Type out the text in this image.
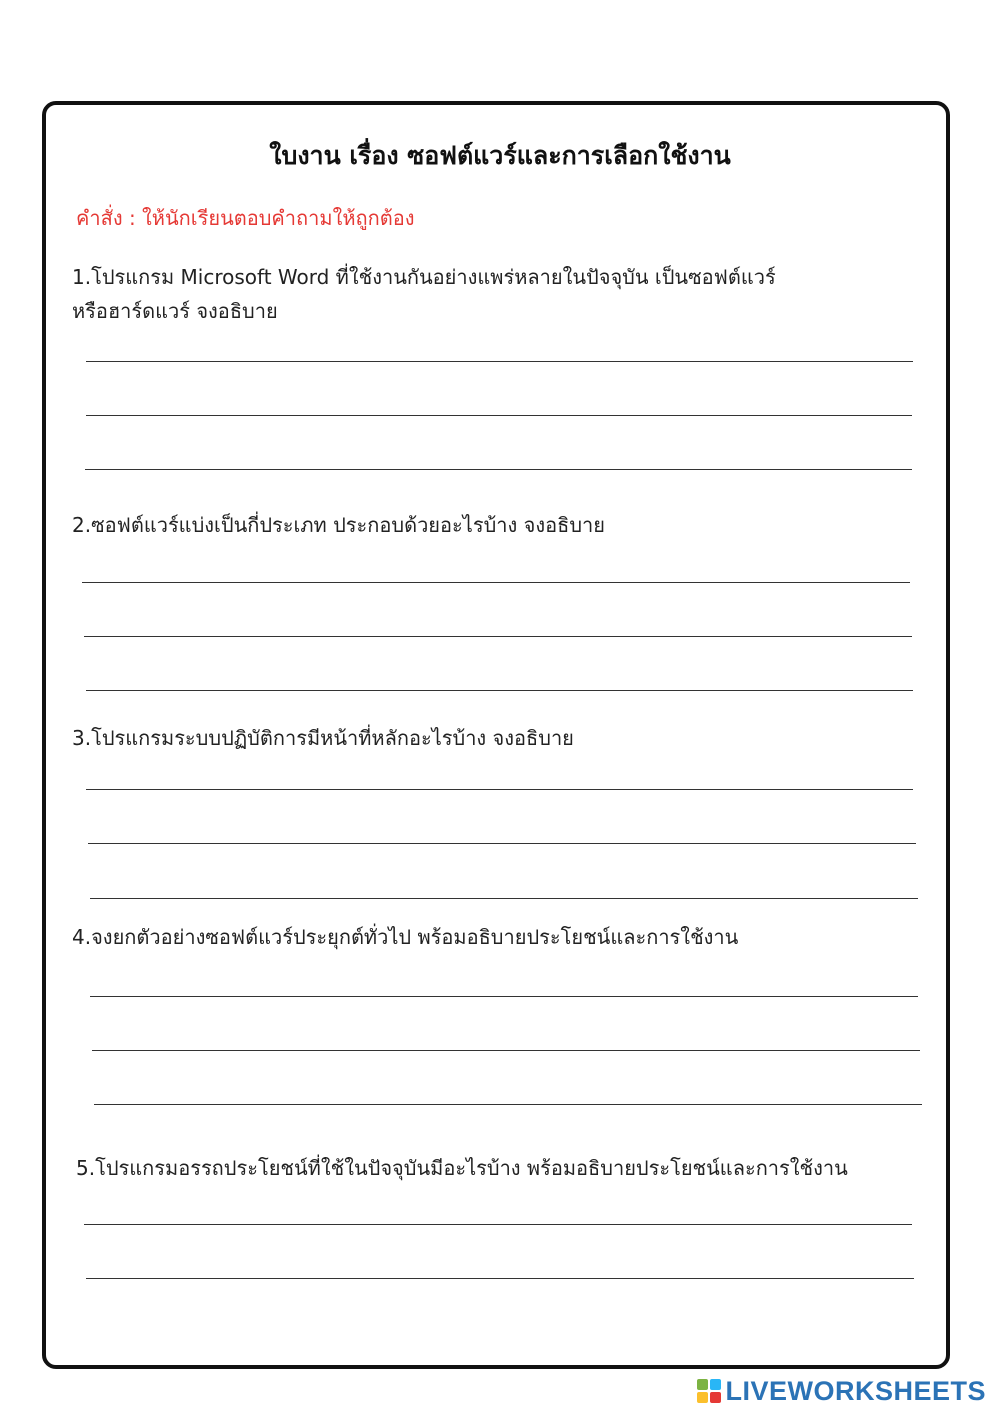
ใบงาน เรื่อง ซอฟต์แวร์และการเลือกใช้งาน
คำสั่ง : ให้นักเรียนตอบคำถามให้ถูกต้อง
1.โปรแกรม Microsoft Word ที่ใช้งานกันอย่างแพร่หลายในปัจจุบัน เป็นซอฟต์แวร์
หรือฮาร์ดแวร์ จงอธิบาย
2.ซอฟต์แวร์แบ่งเป็นกี่ประเภท ประกอบด้วยอะไรบ้าง จงอธิบาย
3.โปรแกรมระบบปฏิบัติการมีหน้าที่หลักอะไรบ้าง จงอธิบาย
4.จงยกตัวอย่างซอฟต์แวร์ประยุกต์ทั่วไป พร้อมอธิบายประโยชน์และการใช้งาน
5.โปรแกรมอรรถประโยชน์ที่ใช้ในปัจจุบันมีอะไรบ้าง พร้อมอธิบายประโยชน์และการใช้งาน
LIVEWORKSHEETS
